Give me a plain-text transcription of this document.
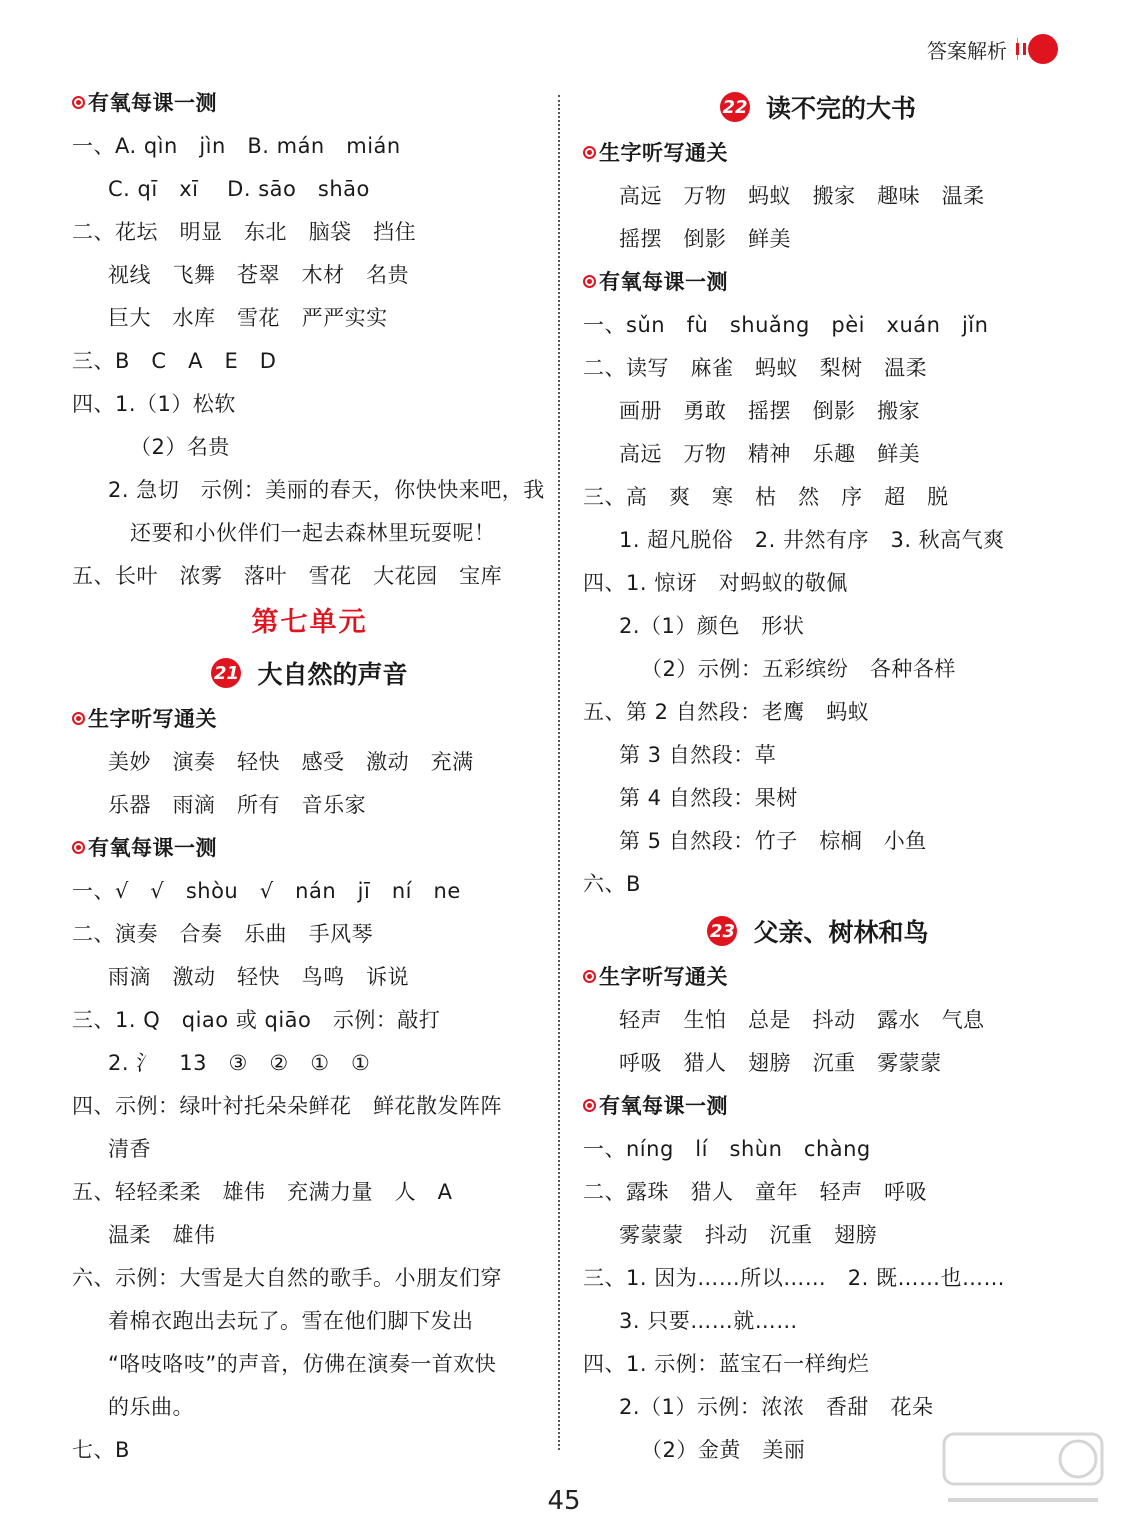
答案解析
有氧每课一测
一、A. qìn   jìn   B. mán   mián
C. qī   xī    D. sāo   shāo
二、花坛   明显   东北   脑袋   挡住
视线   飞舞   苍翠   木材   名贵
巨大   水库   雪花   严严实实
三、B   C   A   E   D
四、1.（1）松软
（2）名贵
2. 急切   示例：美丽的春天，你快快来吧，我
还要和小伙伴们一起去森林里玩耍呢！
五、长叶   浓雾   落叶   雪花   大花园   宝库
第七单元
21 大自然的声音
生字听写通关
美妙   演奏   轻快   感受   激动   充满
乐器   雨滴   所有   音乐家
有氧每课一测
一、√   √   shòu   √   nán   jī   ní   ne
二、演奏   合奏   乐曲   手风琴
雨滴   激动   轻快   鸟鸣   诉说
三、1. Q   qiao 或 qiāo   示例：敲打
2. 氵   13   ③   ②   ①   ①
四、示例：绿叶衬托朵朵鲜花   鲜花散发阵阵
清香
五、轻轻柔柔   雄伟   充满力量   人   A
温柔   雄伟
六、示例：大雪是大自然的歌手。小朋友们穿
着棉衣跑出去玩了。雪在他们脚下发出
“咯吱咯吱”的声音，仿佛在演奏一首欢快
的乐曲。
七、B
22 读不完的大书
生字听写通关
高远   万物   蚂蚁   搬家   趣味   温柔
摇摆   倒影   鲜美
有氧每课一测
一、sǔn   fù   shuǎng   pèi   xuán   jǐn
二、读写   麻雀   蚂蚁   梨树   温柔
画册   勇敢   摇摆   倒影   搬家
高远   万物   精神   乐趣   鲜美
三、高   爽   寒   枯   然   序   超   脱
1. 超凡脱俗   2. 井然有序   3. 秋高气爽
四、1. 惊讶   对蚂蚁的敬佩
2.（1）颜色   形状
（2）示例：五彩缤纷   各种各样
五、第 2 自然段：老鹰   蚂蚁
第 3 自然段：草
第 4 自然段：果树
第 5 自然段：竹子   棕榈   小鱼
六、B
23 父亲、树林和鸟
生字听写通关
轻声   生怕   总是   抖动   露水   气息
呼吸   猎人   翅膀   沉重   雾蒙蒙
有氧每课一测
一、níng   lí   shùn   chàng
二、露珠   猎人   童年   轻声   呼吸
雾蒙蒙   抖动   沉重   翅膀
三、1. 因为……所以……   2. 既……也……
3. 只要……就……
四、1. 示例：蓝宝石一样绚烂
2.（1）示例：浓浓   香甜   花朵
（2）金黄   美丽
45
